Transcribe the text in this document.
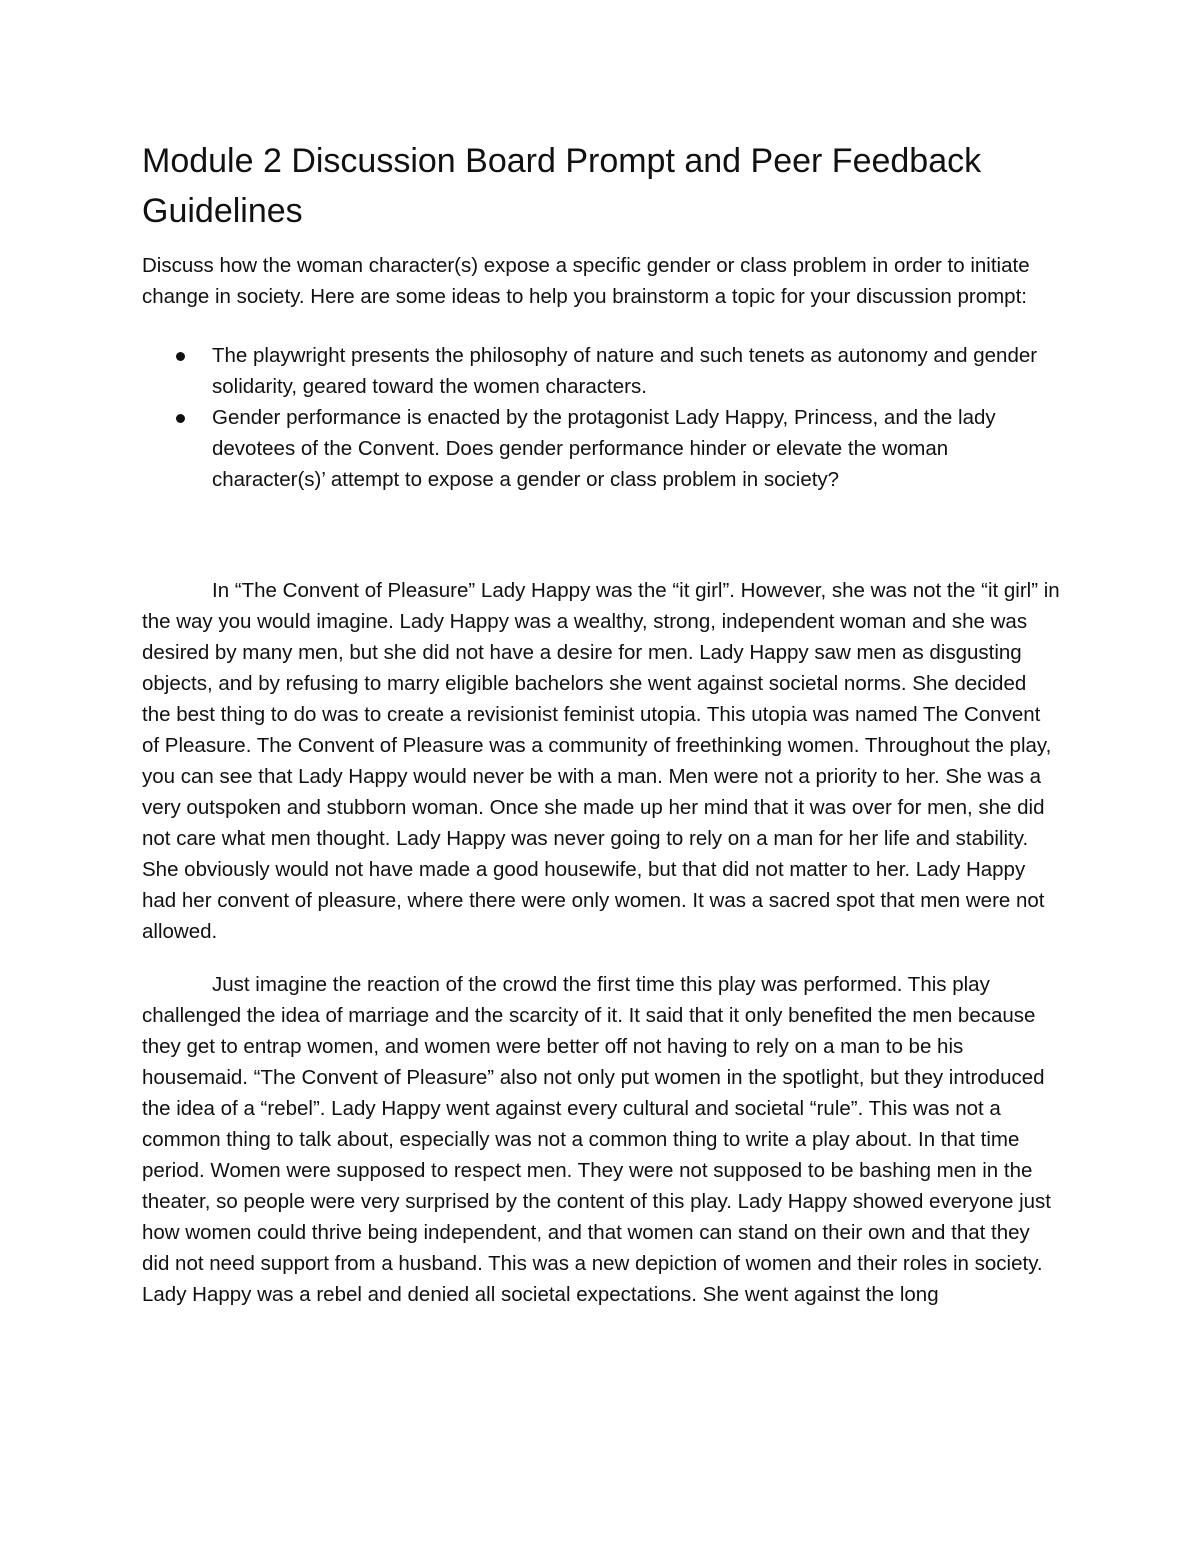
Module 2 Discussion Board Prompt and Peer Feedback Guidelines

Discuss how the woman character(s) expose a specific gender or class problem in order to initiate change in society. Here are some ideas to help you brainstorm a topic for your discussion prompt:

The playwright presents the philosophy of nature and such tenets as autonomy and gender solidarity, geared toward the women characters.
Gender performance is enacted by the protagonist Lady Happy, Princess, and the lady devotees of the Convent. Does gender performance hinder or elevate the woman character(s)’ attempt to expose a gender or class problem in society?

In “The Convent of Pleasure” Lady Happy was the “it girl”. However, she was not the “it girl” in the way you would imagine. Lady Happy was a wealthy, strong, independent woman and she was desired by many men, but she did not have a desire for men. Lady Happy saw men as disgusting objects, and by refusing to marry eligible bachelors she went against societal norms. She decided the best thing to do was to create a revisionist feminist utopia. This utopia was named The Convent of Pleasure. The Convent of Pleasure was a community of freethinking women. Throughout the play, you can see that Lady Happy would never be with a man. Men were not a priority to her. She was a very outspoken and stubborn woman. Once she made up her mind that it was over for men, she did not care what men thought. Lady Happy was never going to rely on a man for her life and stability. She obviously would not have made a good housewife, but that did not matter to her. Lady Happy had her convent of pleasure, where there were only women. It was a sacred spot that men were not allowed.

Just imagine the reaction of the crowd the first time this play was performed. This play challenged the idea of marriage and the scarcity of it. It said that it only benefited the men because they get to entrap women, and women were better off not having to rely on a man to be his housemaid. “The Convent of Pleasure” also not only put women in the spotlight, but they introduced the idea of a “rebel”. Lady Happy went against every cultural and societal “rule”. This was not a common thing to talk about, especially was not a common thing to write a play about. In that time period. Women were supposed to respect men. They were not supposed to be bashing men in the theater, so people were very surprised by the content of this play. Lady Happy showed everyone just how women could thrive being independent, and that women can stand on their own and that they did not need support from a husband. This was a new depiction of women and their roles in society. Lady Happy was a rebel and denied all societal expectations. She went against the long
